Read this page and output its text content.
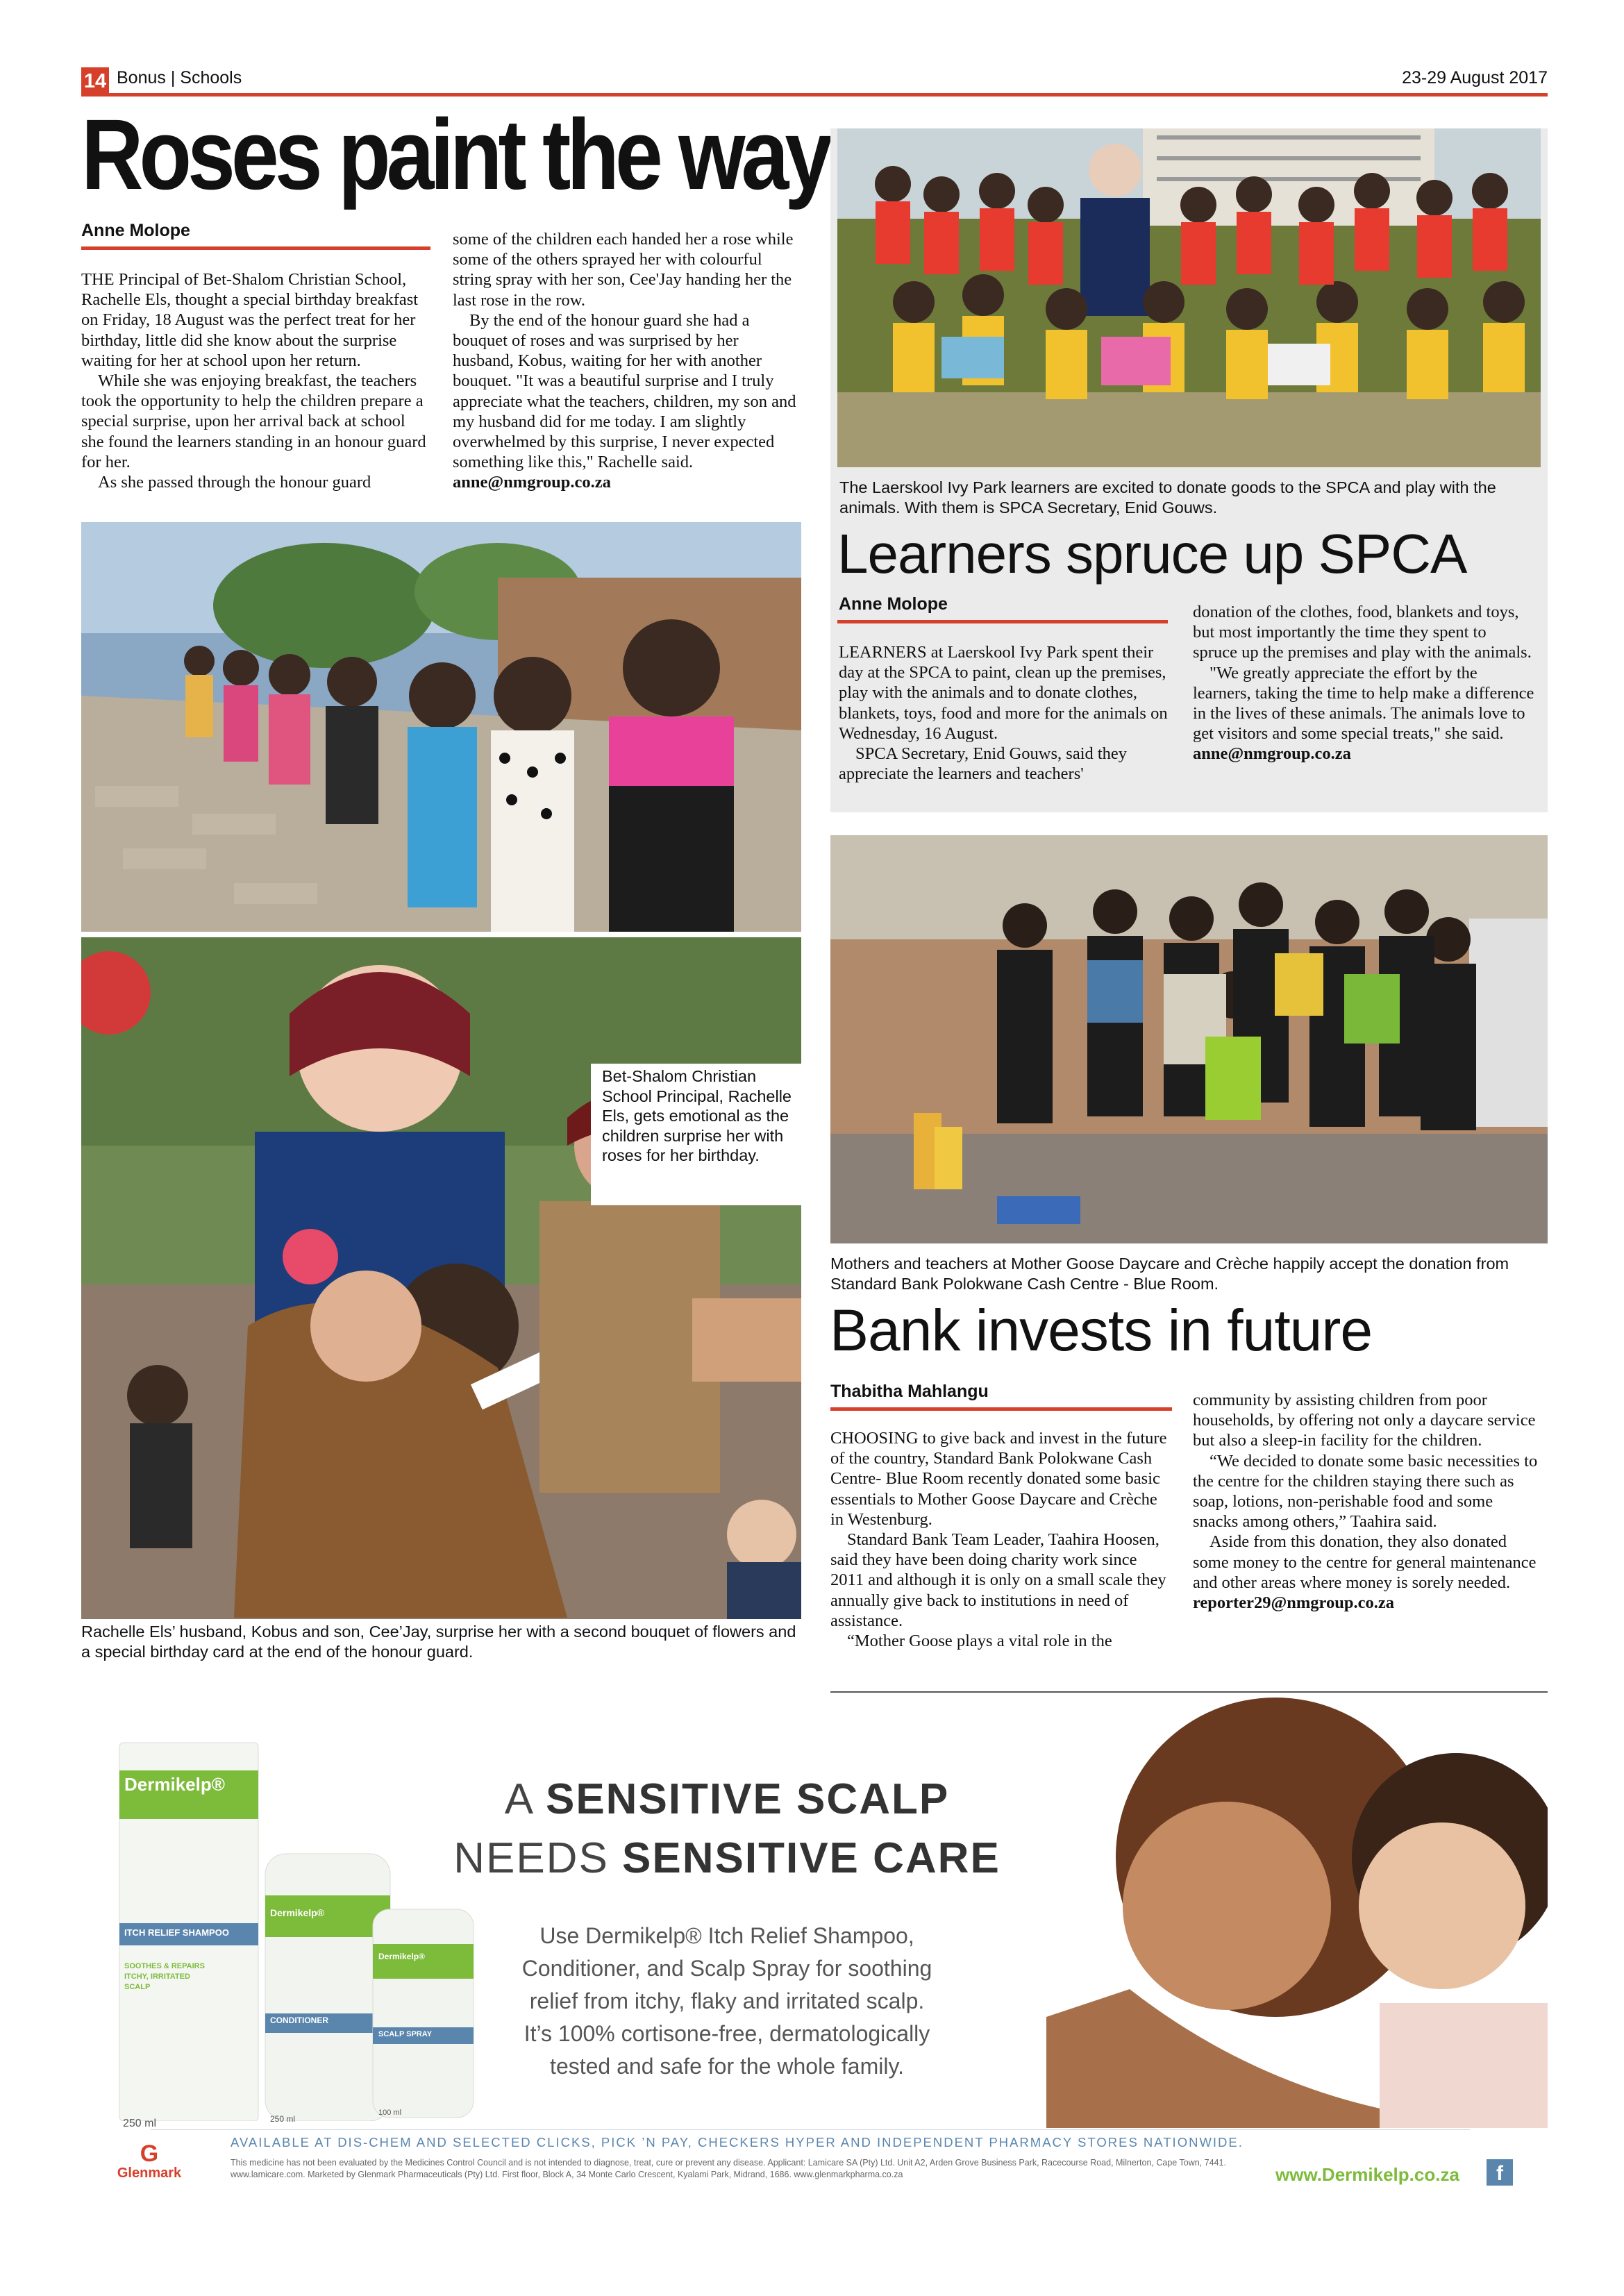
14 Bonus | Schools	23-29 August 2017
Roses paint the way
Anne Molope

THE Principal of Bet-Shalom Christian School, Rachelle Els, thought a special birthday breakfast on Friday, 18 August was the perfect treat for her birthday, little did she know about the surprise waiting for her at school upon her return.

While she was enjoying breakfast, the teachers took the opportunity to help the children prepare a special surprise, upon her arrival back at school she found the learners standing in an honour guard for her.

As she passed through the honour guard

some of the children each handed her a rose while some of the others sprayed her with colourful string spray with her son, Cee'Jay handing her the last rose in the row.

By the end of the honour guard she had a bouquet of roses and was surprised by her husband, Kobus, waiting for her with another bouquet. "It was a beautiful surprise and I truly appreciate what the teachers, children, my son and my husband did for me today. I am slightly overwhelmed by this surprise, I never expected something like this," Rachelle said.

anne@nmgroup.co.za

Bet-Shalom Christian School Principal, Rachelle Els, gets emotional as the children surprise her with roses for her birthday.
Rachelle Els’ husband, Kobus and son, Cee’Jay, surprise her with a second bouquet of flowers and a special birthday card at the end of the honour guard.
The Laerskool Ivy Park learners are excited to donate goods to the SPCA and play with the animals. With them is SPCA Secretary, Enid Gouws.
Learners spruce up SPCA
Anne Molope

LEARNERS at Laerskool Ivy Park spent their day at the SPCA to paint, clean up the premises, play with the animals and to donate clothes, blankets, toys, food and more for the animals on Wednesday, 16 August.

SPCA Secretary, Enid Gouws, said they appreciate the learners and teachers'

donation of the clothes, food, blankets and toys, but most importantly the time they spent to spruce up the premises and play with the animals.

"We greatly appreciate the effort by the learners, taking the time to help make a difference in the lives of these animals. The animals love to get visitors and some special treats," she said.

anne@nmgroup.co.za

Mothers and teachers at Mother Goose Daycare and Crèche happily accept the donation from Standard Bank Polokwane Cash Centre - Blue Room.
Bank invests in future
Thabitha Mahlangu

CHOOSING to give back and invest in the future of the country, Standard Bank Polokwane Cash Centre- Blue Room recently donated some basic essentials to Mother Goose Daycare and Crèche in Westenburg.

Standard Bank Team Leader, Taahira Hoosen, said they have been doing charity work since 2011 and although it is only on a small scale they annually give back to institutions in need of assistance.

“Mother Goose plays a vital role in the

community by assisting children from poor households, by offering not only a daycare service but also a sleep-in facility for the children.

“We decided to donate some basic necessities to the centre for the children staying there such as soap, lotions, non-perishable food and some snacks among others,” Taahira said.

Aside from this donation, they also donated some money to the centre for general maintenance and other areas where money is sorely needed.

reporter29@nmgroup.co.za

Dermikelp®
ITCH RELIEF SHAMPOO
SOOTHES & REPAIRS
ITCHY, IRRITATED
SCALP
250 ml
Dermikelp®
CONDITIONER
250 ml
Dermikelp®
SCALP SPRAY
100 ml
A SENSITIVE SCALP
NEEDS SENSITIVE CARE
Use Dermikelp® Itch Relief Shampoo,
Conditioner, and Scalp Spray for soothing
relief from itchy, flaky and irritated scalp.
It’s 100% cortisone-free, dermatologically
tested and safe for the whole family.
AVAILABLE AT DIS-CHEM AND SELECTED CLICKS, PICK ’N PAY, CHECKERS HYPER AND INDEPENDENT PHARMACY STORES NATIONWIDE.
This medicine has not been evaluated by the Medicines Control Council and is not intended to diagnose, treat, cure or prevent any disease. Applicant: Lamicare SA (Pty) Ltd. Unit A2, Arden Grove Business Park, Racecourse Road, Milnerton, Cape Town, 7441.
www.lamicare.com. Marketed by Glenmark Pharmaceuticals (Pty) Ltd. First floor, Block A, 34 Monte Carlo Crescent, Kyalami Park, Midrand, 1686. www.glenmarkpharma.co.za
G
Glenmark	www.Dermikelp.co.za	f
